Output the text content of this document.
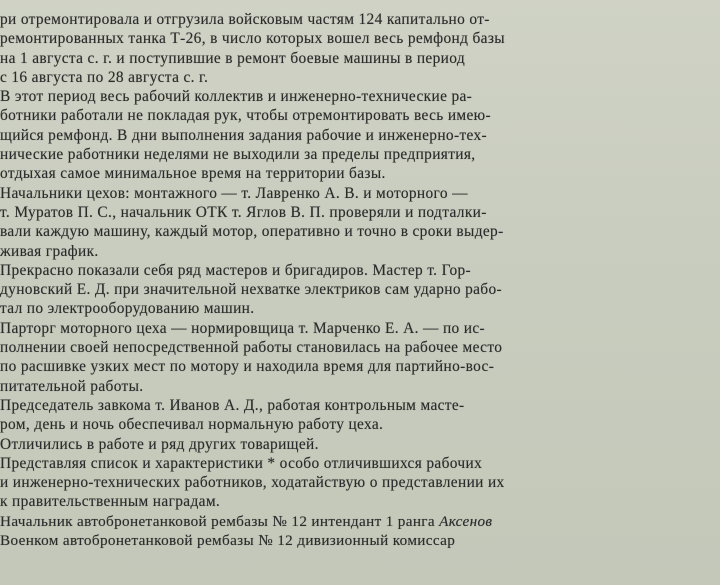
ри отремонтировала и отгрузила войсковым частям 124 капитально от-
ремонтированных танка Т-26, в число которых вошел весь ремфонд базы
на 1 августа с. г. и поступившие в ремонт боевые машины в период
с 16 августа по 28 августа с. г.
В этот период весь рабочий коллектив и инженерно-технические ра-
ботники работали не покладая рук, чтобы отремонтировать весь имею-
щийся ремфонд. В дни выполнения задания рабочие и инженерно-тех-
нические работники неделями не выходили за пределы предприятия,
отдыхая самое минимальное время на территории базы.
Начальники цехов: монтажного — т. Лавренко А. В. и моторного —
т. Муратов П. С., начальник ОТК т. Яглов В. П. проверяли и подталки-
вали каждую машину, каждый мотор, оперативно и точно в сроки выдер-
живая график.
Прекрасно показали себя ряд мастеров и бригадиров. Мастер т. Гор-
дуновский Е. Д. при значительной нехватке электриков сам ударно рабо-
тал по электрооборудованию машин.
Парторг моторного цеха — нормировщица т. Марченко Е. А. — по ис-
полнении своей непосредственной работы становилась на рабочее место
по расшивке узких мест по мотору и находила время для партийно-вос-
питательной работы.
Председатель завкома т. Иванов А. Д., работая контрольным масте-
ром, день и ночь обеспечивал нормальную работу цеха.
Отличились в работе и ряд других товарищей.
Представляя список и характеристики * особо отличившихся рабочих
и инженерно-технических работников, ходатайствую о представлении их
к правительственным наградам.
Начальник автобронетанковой рембазы № 12 интендант 1 ранга Аксенов
Военком автобронетанковой рембазы № 12 дивизионный комиссар
